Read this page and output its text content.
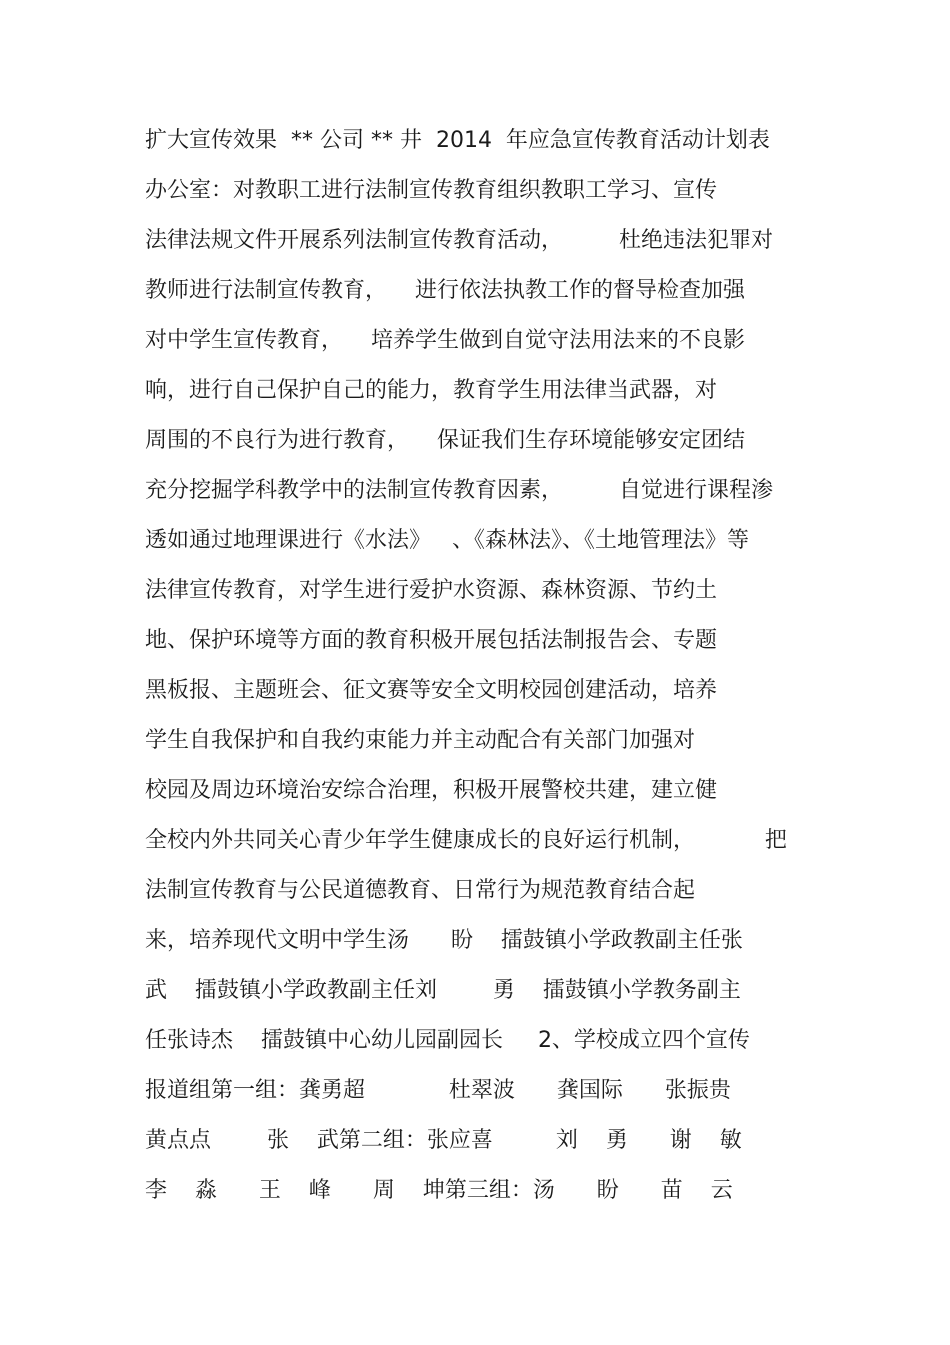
扩大宣传效果  ** 公司 ** 井  2014  年应急宣传教育活动计划表
办公室：对教职工进行法制宣传教育组织教职工学习、宣传
法律法规文件开展系列法制宣传教育活动，        杜绝违法犯罪对
教师进行法制宣传教育，    进行依法执教工作的督导检查加强
对中学生宣传教育，    培养学生做到自觉守法用法来的不良影
响，进行自己保护自己的能力，教育学生用法律当武器，对
周围的不良行为进行教育，    保证我们生存环境能够安定团结
充分挖掘学科教学中的法制宣传教育因素，        自觉进行课程渗
透如通过地理课进行《水法》   、《森林法》、《土地管理法》等
法律宣传教育，对学生进行爱护水资源、森林资源、节约土
地、保护环境等方面的教育积极开展包括法制报告会、专题
黑板报、主题班会、征文赛等安全文明校园创建活动，培养
学生自我保护和自我约束能力并主动配合有关部门加强对
校园及周边环境治安综合治理，积极开展警校共建，建立健
全校内外共同关心青少年学生健康成长的良好运行机制，          把
法制宣传教育与公民道德教育、日常行为规范教育结合起
来，培养现代文明中学生汤      盼    擂鼓镇小学政教副主任张
武    擂鼓镇小学政教副主任刘        勇    擂鼓镇小学教务副主
任张诗杰    擂鼓镇中心幼儿园副园长     2、学校成立四个宣传
报道组第一组：龚勇超            杜翠波      龚国际      张振贵
黄点点        张    武第二组：张应喜         刘    勇      谢    敏
李    淼      王    峰      周    坤第三组：汤      盼      苗    云
